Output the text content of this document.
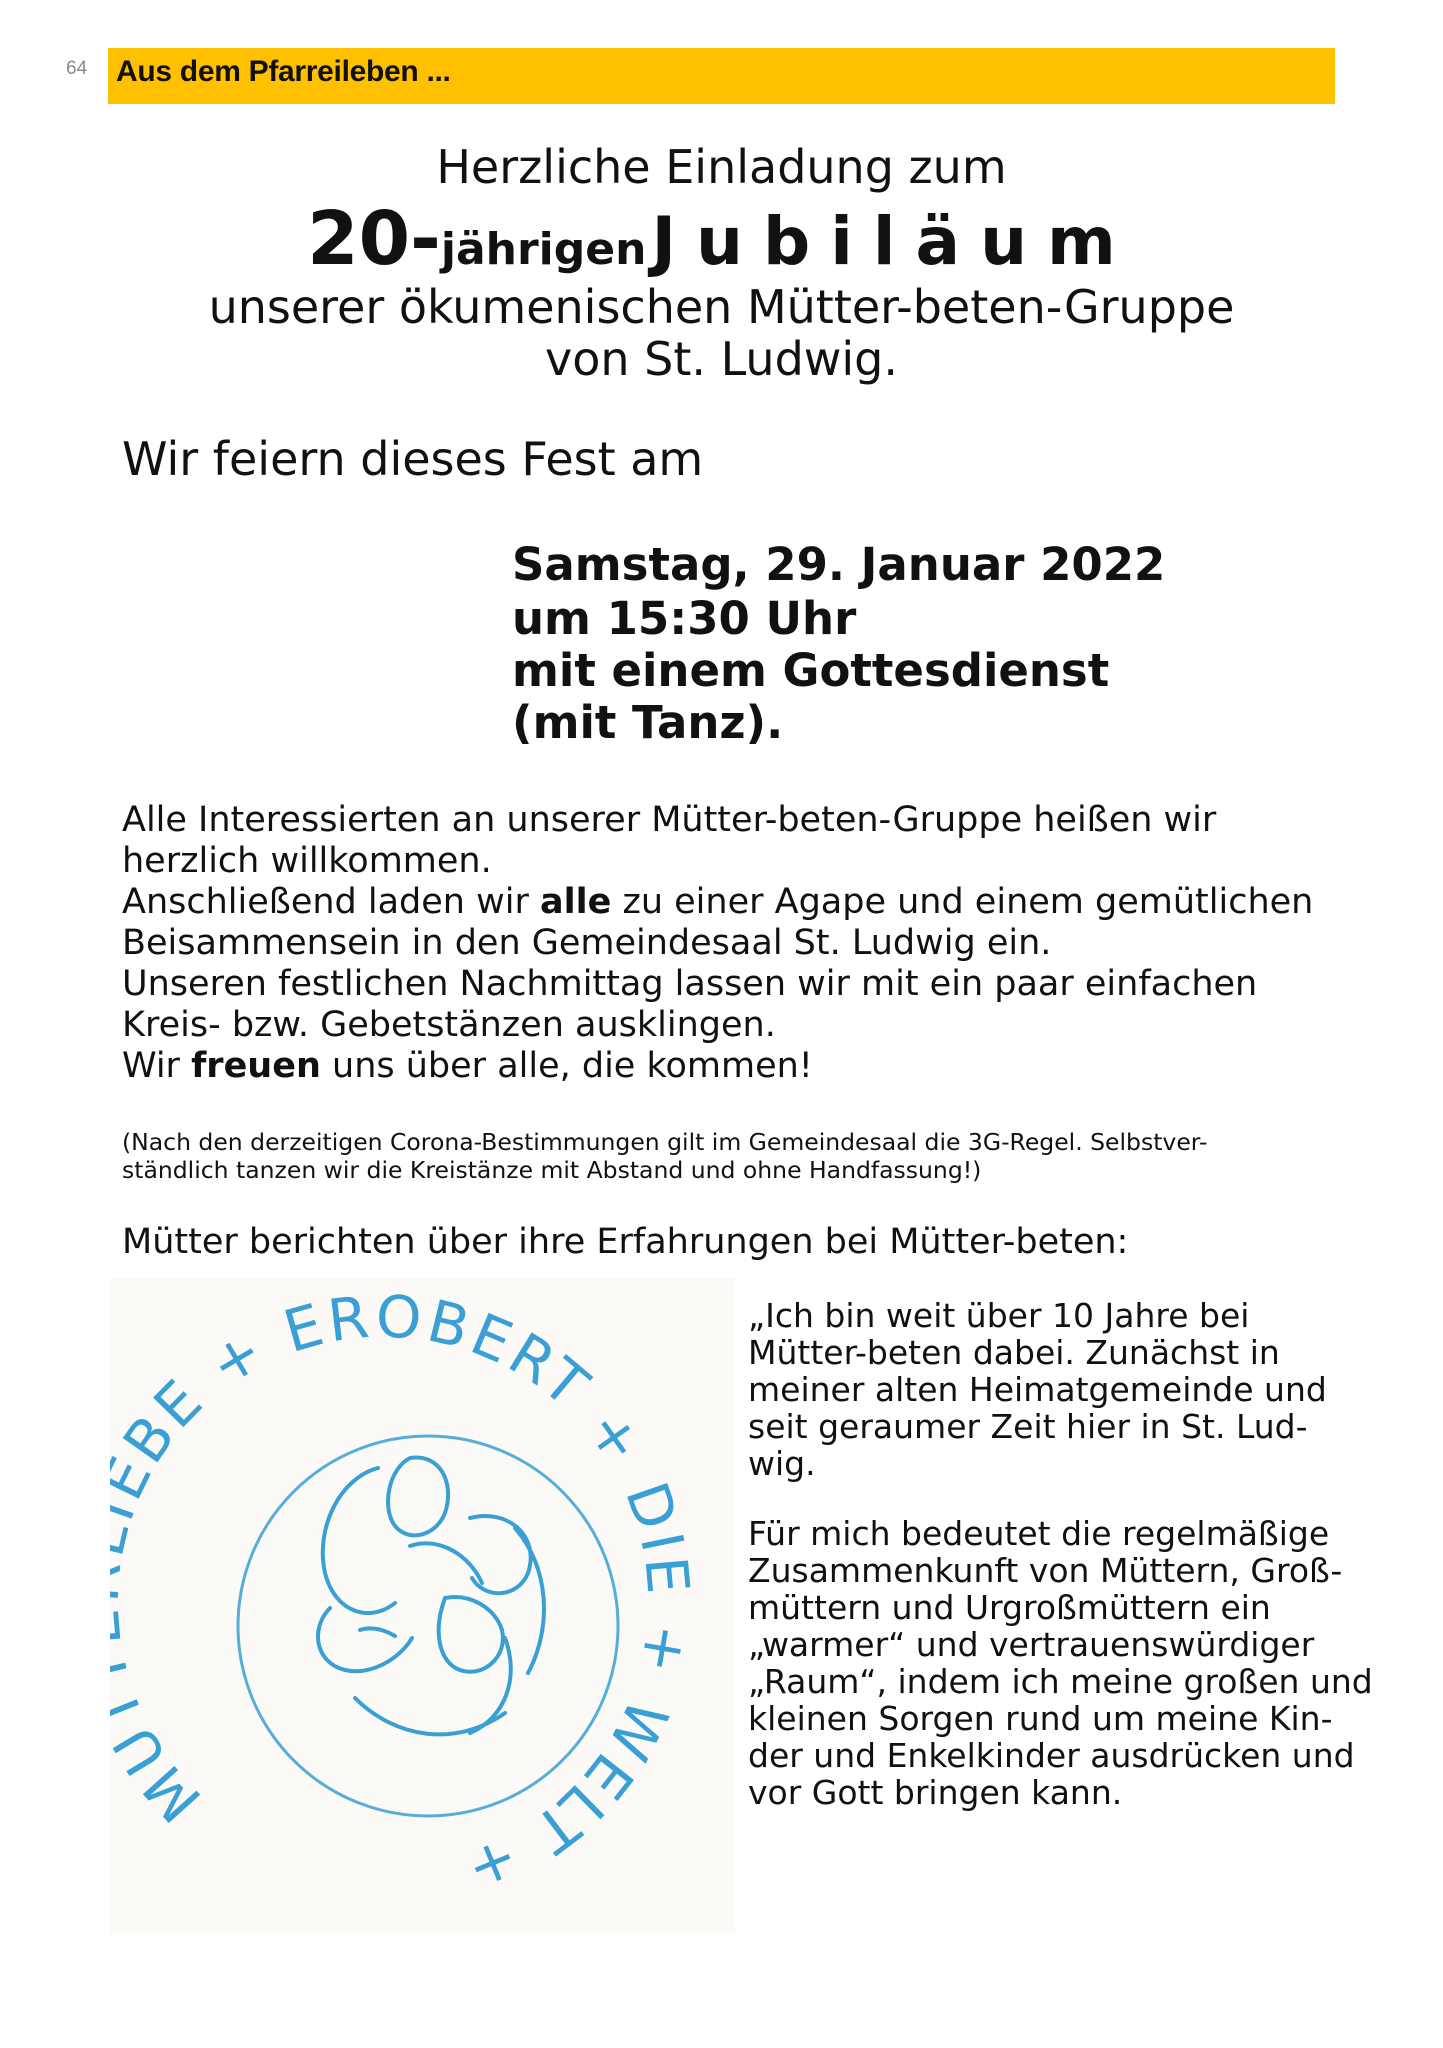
64 Aus dem Pfarreileben ...
Herzliche Einladung zum
20-jährigen Jubiläum
unserer ökumenischen Mütter-beten-Gruppe
von St. Ludwig.
Wir feiern dieses Fest am
Samstag, 29. Januar 2022
um 15:30 Uhr
mit einem Gottesdienst
(mit Tanz).
Alle Interessierten an unserer Mütter-beten-Gruppe heißen wir
herzlich willkommen.
Anschließend laden wir alle zu einer Agape und einem gemütlichen
Beisammensein in den Gemeindesaal St. Ludwig ein.
Unseren festlichen Nachmittag lassen wir mit ein paar einfachen
Kreis- bzw. Gebetstänzen ausklingen.
Wir freuen uns über alle, die kommen!
(Nach den derzeitigen Corona-Bestimmungen gilt im Gemeindesaal die 3G-Regel. Selbstver-
ständlich tanzen wir die Kreistänze mit Abstand und ohne Handfassung!)
Mütter berichten über ihre Erfahrungen bei Mütter-beten:
M BE + EROBERT + DIE + WELT +
„Ich bin weit über 10 Jahre bei
Mütter-beten dabei. Zunächst in
meiner alten Heimatgemeinde und
seit geraumer Zeit hier in St. Lud-
wig.
Für mich bedeutet die regelmäßige
Zusammenkunft von Müttern, Groß-
müttern und Urgroßmüttern ein
„warmer“ und vertrauenswürdiger
„Raum“, indem ich meine großen und
kleinen Sorgen rund um meine Kin-
der und Enkelkinder ausdrücken und
vor Gott bringen kann.
